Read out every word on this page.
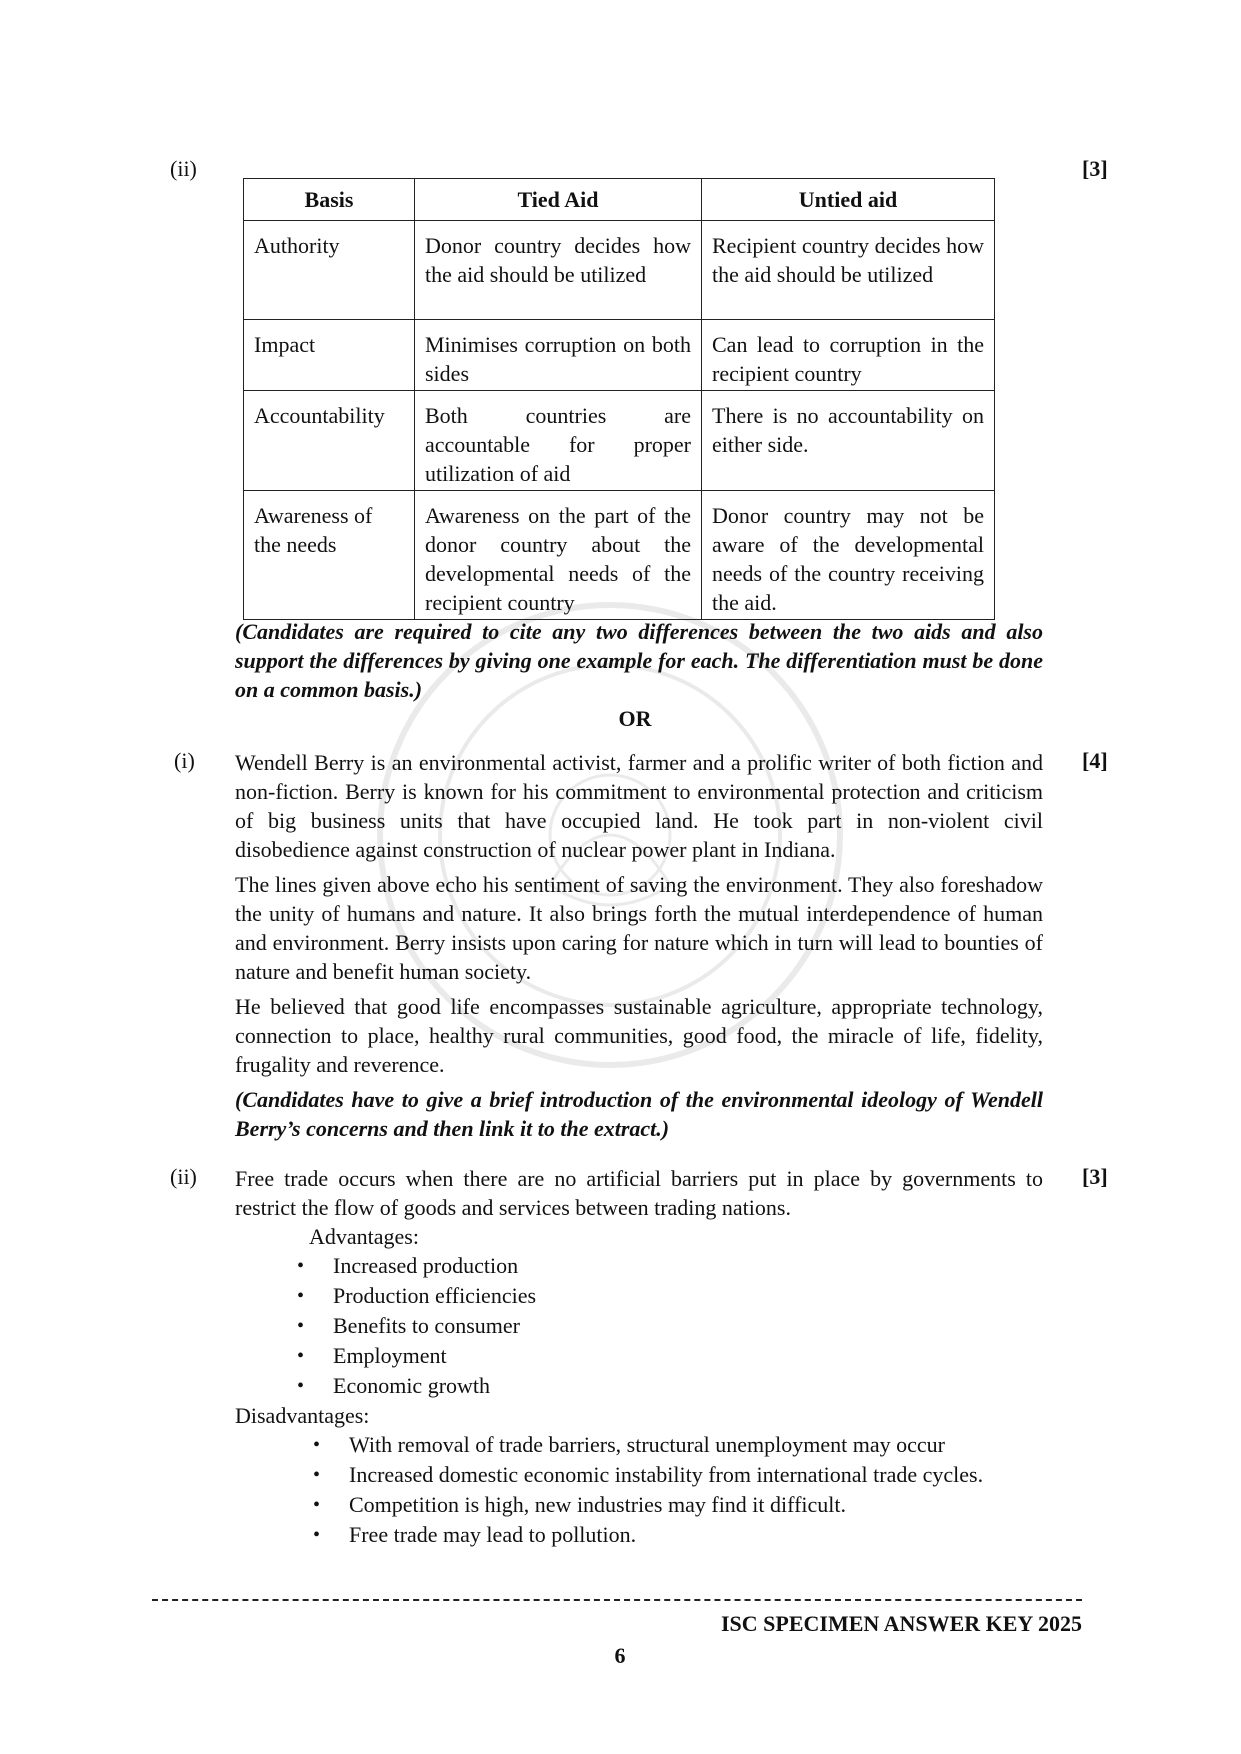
(ii)	[3]
Basis	Tied Aid	Untied aid
Authority	Donor country decides how the aid should be utilized	Recipient country decides how the aid should be utilized
Impact	Minimises corruption on both sides	Can lead to corruption in the recipient country
Accountability	Both countries are accountable for proper utilization of aid	There is no accountability on either side.
Awareness of the needs	Awareness on the part of the donor country about the developmental needs of the recipient country	Donor country may not be aware of the developmental needs of the country receiving the aid.
(Candidates are required to cite any two differences between the two aids and also support the differences by giving one example for each. The differentiation must be done on a common basis.)
OR
(i)	[4]

Wendell Berry is an environmental activist, farmer and a prolific writer of both fiction and non-fiction. Berry is known for his commitment to environmental protection and criticism of big business units that have occupied land. He took part in non-violent civil disobedience against construction of nuclear power plant in Indiana.

The lines given above echo his sentiment of saving the environment. They also foreshadow the unity of humans and nature. It also brings forth the mutual interdependence of human and environment. Berry insists upon caring for nature which in turn will lead to bounties of nature and benefit human society.

He believed that good life encompasses sustainable agriculture, appropriate technology, connection to place, healthy rural communities, good food, the miracle of life, fidelity, frugality and reverence.

(Candidates have to give a brief introduction of the environmental ideology of Wendell Berry’s concerns and then link it to the extract.)

(ii)	[3]

Free trade occurs when there are no artificial barriers put in place by governments to restrict the flow of goods and services between trading nations.

Advantages:
• Increased production
• Production efficiencies
• Benefits to consumer
• Employment
• Economic growth
Disadvantages:
• With removal of trade barriers, structural unemployment may occur
• Increased domestic economic instability from international trade cycles.
• Competition is high, new industries may find it difficult.
• Free trade may lead to pollution.
ISC SPECIMEN ANSWER KEY 2025
6
